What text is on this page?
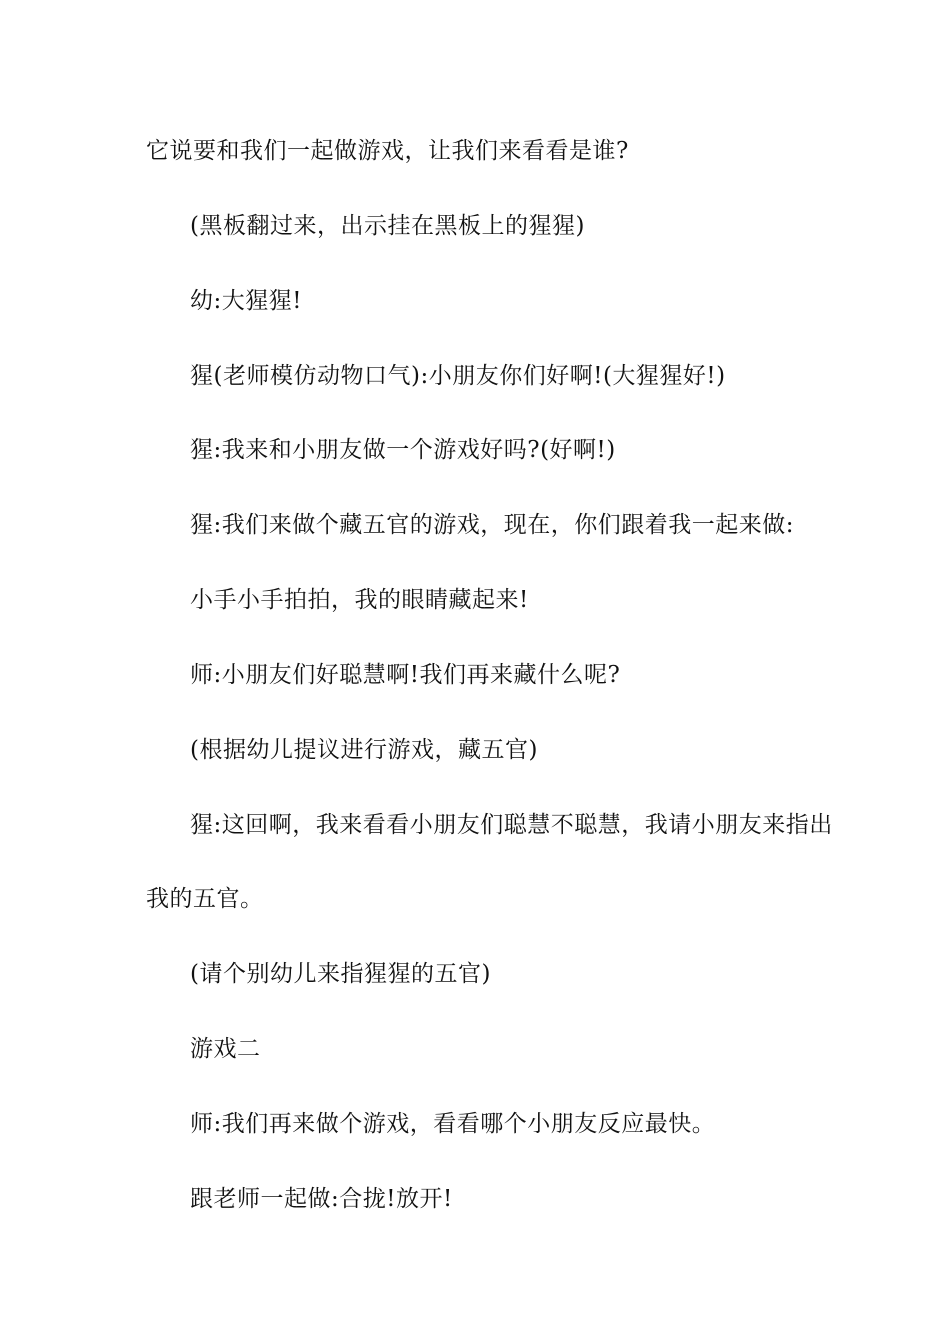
它说要和我们一起做游戏，让我们来看看是谁?
(黑板翻过来，出示挂在黑板上的猩猩)
幼:大猩猩!
猩(老师模仿动物口气):小朋友你们好啊!(大猩猩好!)
猩:我来和小朋友做一个游戏好吗?(好啊!)
猩:我们来做个藏五官的游戏，现在，你们跟着我一起来做:
小手小手拍拍，我的眼睛藏起来!
师:小朋友们好聪慧啊!我们再来藏什么呢?
(根据幼儿提议进行游戏，藏五官)
猩:这回啊，我来看看小朋友们聪慧不聪慧，我请小朋友来指出
我的五官。
(请个别幼儿来指猩猩的五官)
游戏二
师:我们再来做个游戏，看看哪个小朋友反应最快。
跟老师一起做:合拢!放开!
